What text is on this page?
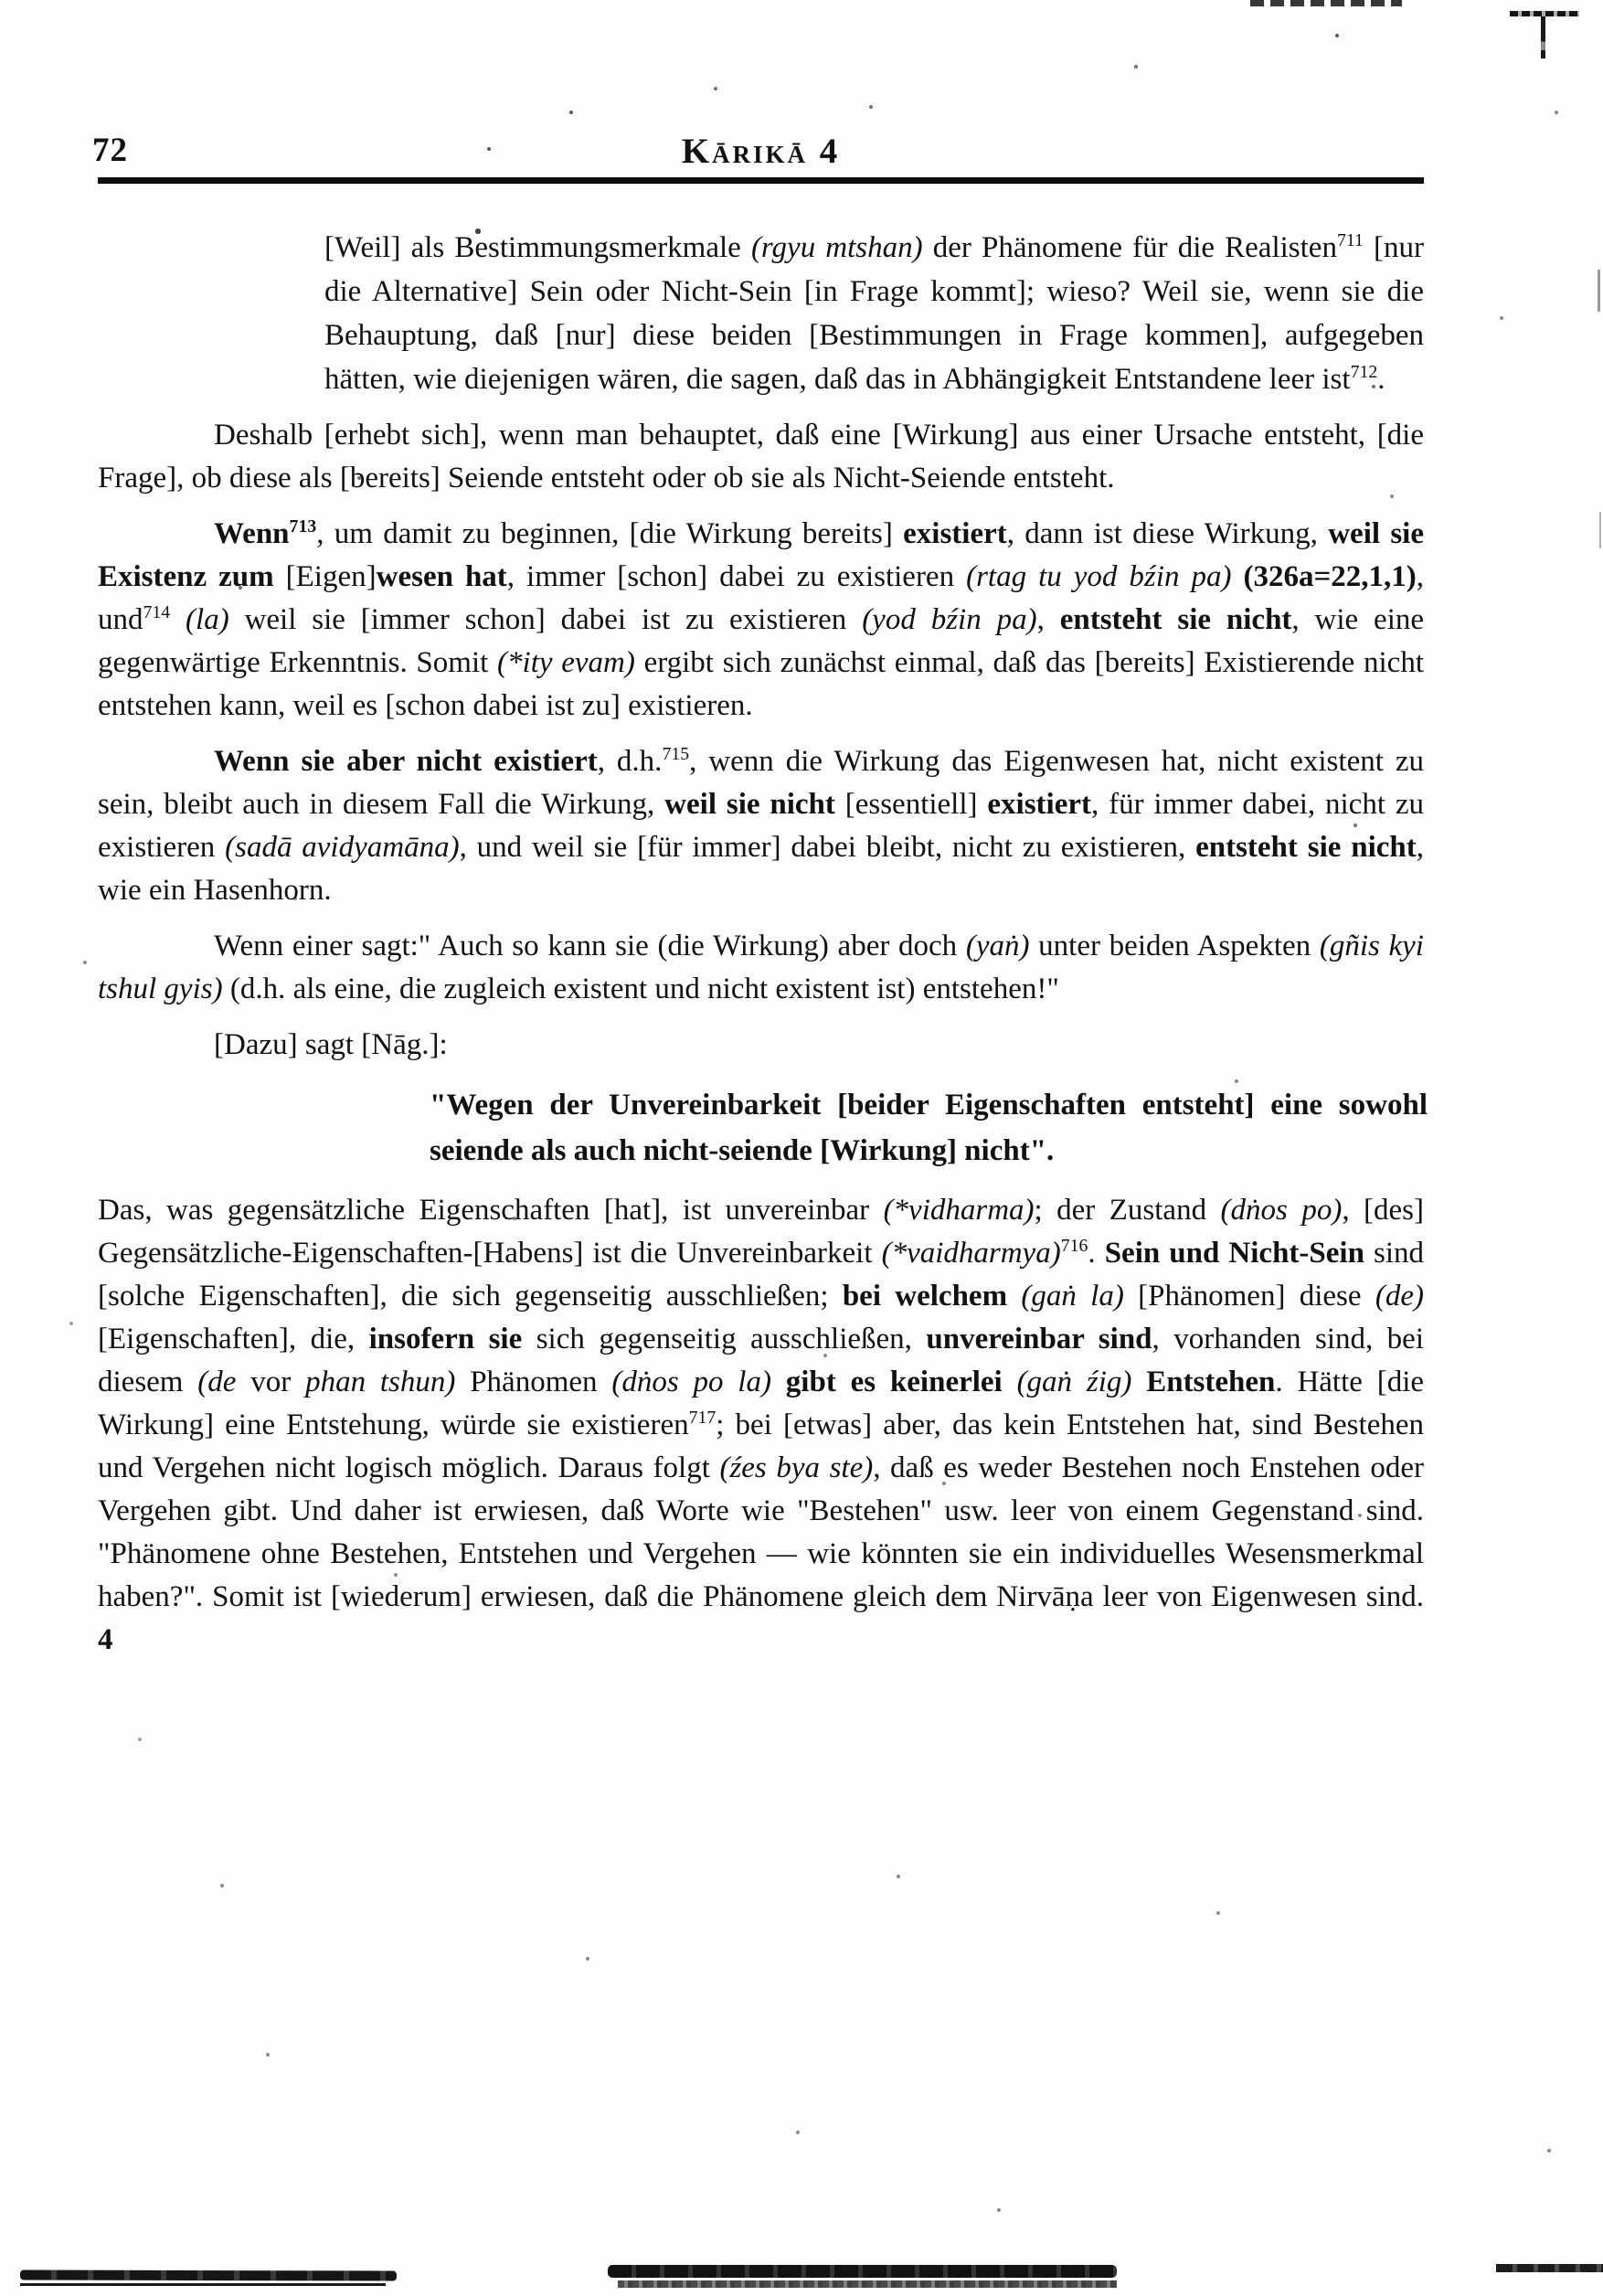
72	Kārikā 4

[Weil] als Bestimmungsmerkmale (rgyu mtshan) der Phänomene für die Realisten$^{711}$ [nur die Alternative] Sein oder Nicht-Sein [in Frage kommt]; wieso? Weil sie, wenn sie die Behauptung, daß [nur] diese beiden [Bestimmungen in Frage kommen], aufgegeben hätten, wie diejenigen wären, die sagen, daß das in Abhängigkeit Entstandene leer ist$^{712}$.

Deshalb [erhebt sich], wenn man behauptet, daß eine [Wirkung] aus einer Ursache entsteht, [die Frage], ob diese als [bereits] Seiende entsteht oder ob sie als Nicht-Seiende entsteht.

Wenn$^{713}$, um damit zu beginnen, [die Wirkung bereits] existiert, dann ist diese Wirkung, weil sie Existenz zum [Eigen]wesen hat, immer [schon] dabei zu existieren (rtag tu yod bźin pa) (326a=22,1,1), und$^{714}$ (la) weil sie [immer schon] dabei ist zu existieren (yod bźin pa), entsteht sie nicht, wie eine gegenwärtige Erkenntnis. Somit (*ity evam) ergibt sich zunächst einmal, daß das [bereits] Existierende nicht entstehen kann, weil es [schon dabei ist zu] existieren.

Wenn sie aber nicht existiert, d.h.$^{715}$, wenn die Wirkung das Eigenwesen hat, nicht existent zu sein, bleibt auch in diesem Fall die Wirkung, weil sie nicht [essentiell] existiert, für immer dabei, nicht zu existieren (sadā avidyamāna), und weil sie [für immer] dabei bleibt, nicht zu existieren, entsteht sie nicht, wie ein Hasenhorn.

Wenn einer sagt:" Auch so kann sie (die Wirkung) aber doch (yaṅ) unter beiden Aspekten (gñis kyi tshul gyis) (d.h. als eine, die zugleich existent und nicht existent ist) entstehen!"

[Dazu] sagt [Nāg.]:

"Wegen der Unvereinbarkeit [beider Eigenschaften entsteht] eine sowohl seiende als auch nicht-seiende [Wirkung] nicht".

Das, was gegensätzliche Eigenschaften [hat], ist unvereinbar (*vidharma); der Zustand (dṅos po), [des] Gegensätzliche-Eigenschaften-[Habens] ist die Unvereinbarkeit (*vaidharmya)$^{716}$. Sein und Nicht-Sein sind [solche Eigenschaften], die sich gegenseitig ausschließen; bei welchem (gaṅ la) [Phänomen] diese (de) [Eigenschaften], die, insofern sie sich gegenseitig ausschließen, unvereinbar sind, vorhanden sind, bei diesem (de vor phan tshun) Phänomen (dṅos po la) gibt es keinerlei (gaṅ źig) Entstehen. Hätte [die Wirkung] eine Entstehung, würde sie existieren$^{717}$; bei [etwas] aber, das kein Entstehen hat, sind Bestehen und Vergehen nicht logisch möglich. Daraus folgt (źes bya ste), daß es weder Bestehen noch Enstehen oder Vergehen gibt. Und daher ist erwiesen, daß Worte wie "Bestehen" usw. leer von einem Gegenstand sind. "Phänomene ohne Bestehen, Entstehen und Vergehen — wie könnten sie ein individuelles Wesensmerkmal haben?". Somit ist [wiederum] erwiesen, daß die Phänomene gleich dem Nirvāṇa leer von Eigenwesen sind. 4
